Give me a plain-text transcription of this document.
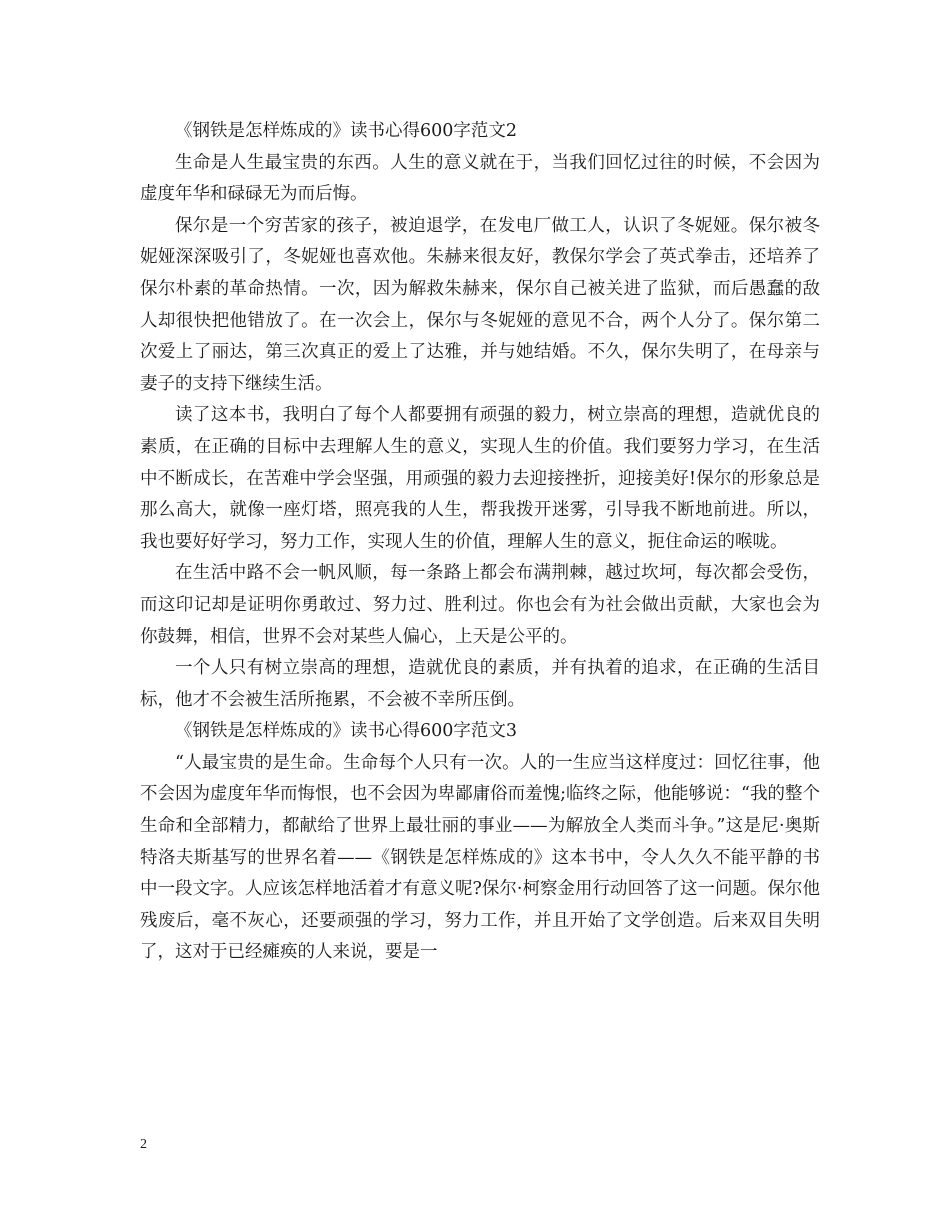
《钢铁是怎样炼成的》读书心得600字范文2

生命是人生最宝贵的东西。人生的意义就在于，当我们回忆过往的时候，不会因为虚度年华和碌碌无为而后悔。

保尔是一个穷苦家的孩子，被迫退学，在发电厂做工人，认识了冬妮娅。保尔被冬妮娅深深吸引了，冬妮娅也喜欢他。朱赫来很友好，教保尔学会了英式拳击，还培养了保尔朴素的革命热情。一次，因为解救朱赫来，保尔自己被关进了监狱，而后愚蠢的敌人却很快把他错放了。在一次会上，保尔与冬妮娅的意见不合，两个人分了。保尔第二次爱上了丽达，第三次真正的爱上了达雅，并与她结婚。不久，保尔失明了，在母亲与妻子的支持下继续生活。

读了这本书，我明白了每个人都要拥有顽强的毅力，树立崇高的理想，造就优良的素质，在正确的目标中去理解人生的意义，实现人生的价值。我们要努力学习，在生活中不断成长，在苦难中学会坚强，用顽强的毅力去迎接挫折，迎接美好!保尔的形象总是那么高大，就像一座灯塔，照亮我的人生，帮我拨开迷雾，引导我不断地前进。所以，我也要好好学习，努力工作，实现人生的价值，理解人生的意义，扼住命运的喉咙。

在生活中路不会一帆风顺，每一条路上都会布满荆棘，越过坎坷，每次都会受伤，而这印记却是证明你勇敢过、努力过、胜利过。你也会有为社会做出贡献，大家也会为你鼓舞，相信，世界不会对某些人偏心，上天是公平的。

一个人只有树立崇高的理想，造就优良的素质，并有执着的追求，在正确的生活目标，他才不会被生活所拖累，不会被不幸所压倒。

《钢铁是怎样炼成的》读书心得600字范文3

“人最宝贵的是生命。生命每个人只有一次。人的一生应当这样度过：回忆往事，他不会因为虚度年华而悔恨，也不会因为卑鄙庸俗而羞愧;临终之际，他能够说：“我的整个生命和全部精力，都献给了世界上最壮丽的事业——为解放全人类而斗争。”这是尼·奥斯特洛夫斯基写的世界名着——《钢铁是怎样炼成的》这本书中，令人久久不能平静的书中一段文字。人应该怎样地活着才有意义呢?保尔·柯察金用行动回答了这一问题。保尔他残废后，毫不灰心，还要顽强的学习，努力工作，并且开始了文学创造。后来双目失明了，这对于已经瘫痪的人来说，要是一

2
